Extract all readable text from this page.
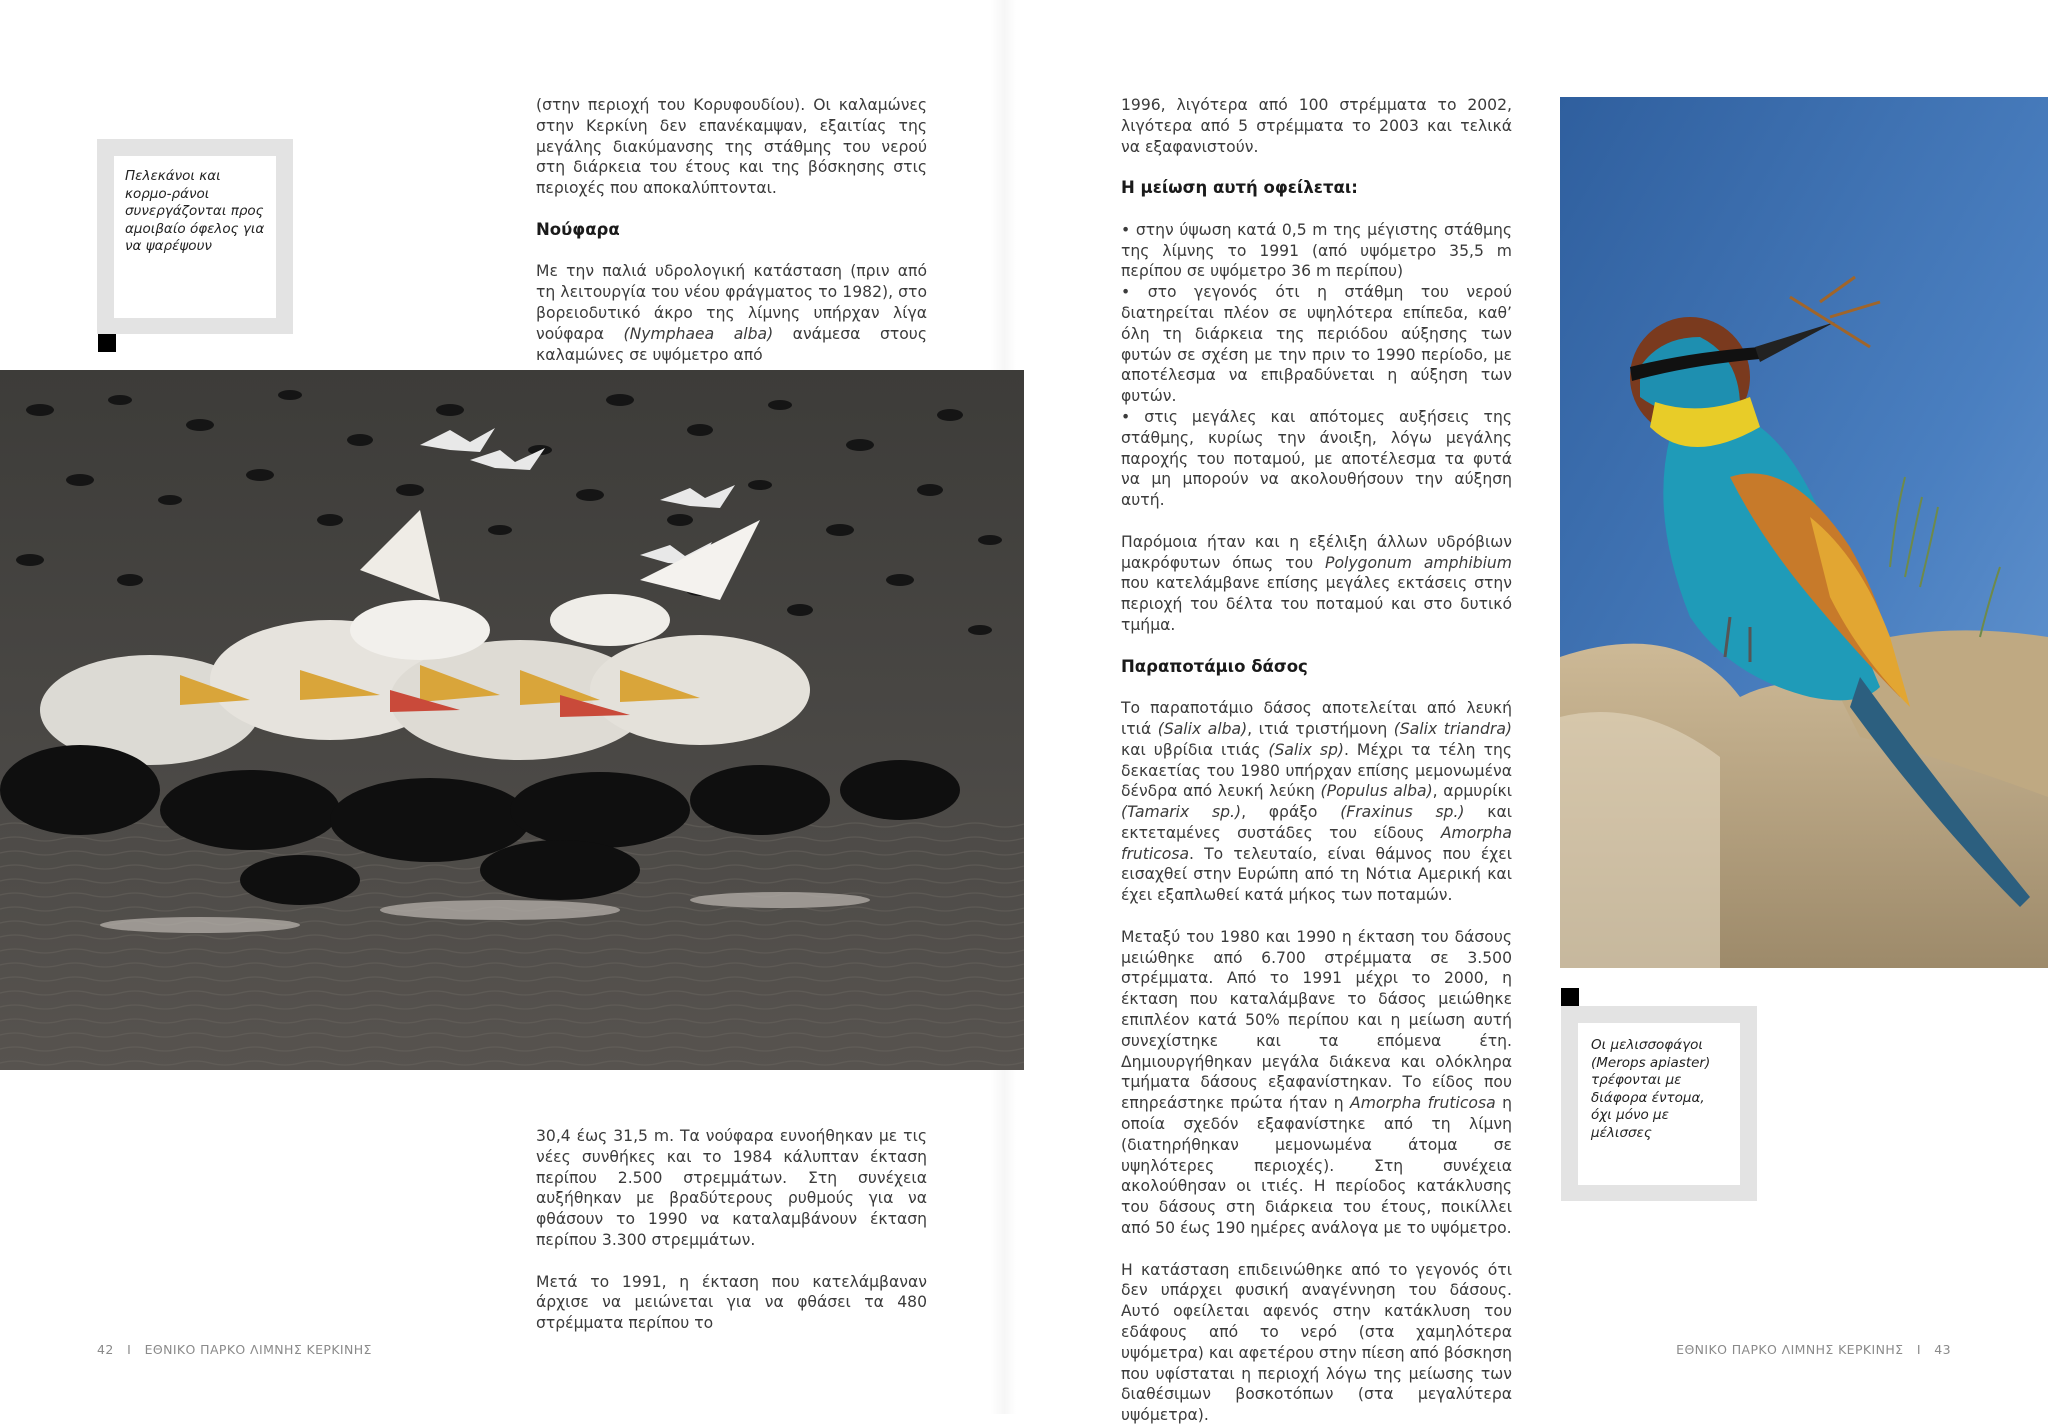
Πελεκάνοι και κορμο-ράνοι συνεργάζονται προς αμοιβαίο όφελος για να ψαρέψουν

(στην περιοχή του Κορυφουδίου). Οι καλαμώνες στην Κερκίνη δεν επανέκαμψαν, εξαιτίας της μεγάλης διακύμανσης της στάθμης του νερού στη διάρκεια του έτους και της βόσκησης στις περιοχές που αποκαλύπτονται.

Νούφαρα

Με την παλιά υδρολογική κατάσταση (πριν από τη λειτουργία του νέου φράγματος το 1982), στο βορειοδυτικό άκρο της λίμνης υπήρχαν λίγα νούφαρα (Nymphaea alba) ανάμεσα στους καλαμώνες σε υψόμετρο από

30,4 έως 31,5 m. Τα νούφαρα ευνοήθηκαν με τις νέες συνθήκες και το 1984 κάλυπταν έκταση περίπου 2.500 στρεμμάτων. Στη συνέχεια αυξήθηκαν με βραδύτερους ρυθμούς για να φθάσουν το 1990 να καταλαμβάνουν έκταση περίπου 3.300 στρεμμάτων.

Μετά το 1991, η έκταση που κατελάμβαναν άρχισε να μειώνεται για να φθάσει τα 480 στρέμματα περίπου το

42 I ΕΘΝΙΚΟ ΠΑΡΚΟ ΛΙΜΝΗΣ ΚΕΡΚΙΝΗΣ

1996, λιγότερα από 100 στρέμματα το 2002, λιγότερα από 5 στρέμματα το 2003 και τελικά να εξαφανιστούν.

Η μείωση αυτή οφείλεται:

• στην ύψωση κατά 0,5 m της μέγιστης στάθμης της λίμνης το 1991 (από υψόμετρο 35,5 m περίπου σε υψόμετρο 36 m περίπου)

• στο γεγονός ότι η στάθμη του νερού διατηρείται πλέον σε υψηλότερα επίπεδα, καθ’ όλη τη διάρκεια της περιόδου αύξησης των φυτών σε σχέση με την πριν το 1990 περίοδο, με αποτέλεσμα να επιβραδύνεται η αύξηση των φυτών.

• στις μεγάλες και απότομες αυξήσεις της στάθμης, κυρίως την άνοιξη, λόγω μεγάλης παροχής του ποταμού, με αποτέλεσμα τα φυτά να μη μπορούν να ακολουθήσουν την αύξηση αυτή.

Παρόμοια ήταν και η εξέλιξη άλλων υδρόβιων μακρόφυτων όπως του Polygonum amphibium που κατελάμβανε επίσης μεγάλες εκτάσεις στην περιοχή του δέλτα του ποταμού και στο δυτικό τμήμα.

Παραποτάμιο δάσος

Το παραποτάμιο δάσος αποτελείται από λευκή ιτιά (Salix alba), ιτιά τριστήμονη (Salix triandra) και υβρίδια ιτιάς (Salix sp). Μέχρι τα τέλη της δεκαετίας του 1980 υπήρχαν επίσης μεμονωμένα δένδρα από λευκή λεύκη (Populus alba), αρμυρίκι (Tamarix sp.), φράξο (Fraxinus sp.) και εκτεταμένες συστάδες του είδους Amorpha fruticosa. Το τελευταίο, είναι θάμνος που έχει εισαχθεί στην Ευρώπη από τη Νότια Αμερική και έχει εξαπλωθεί κατά μήκος των ποταμών.

Μεταξύ του 1980 και 1990 η έκταση του δάσους μειώθηκε από 6.700 στρέμματα σε 3.500 στρέμματα. Από το 1991 μέχρι το 2000, η έκταση που καταλάμβανε το δάσος μειώθηκε επιπλέον κατά 50% περίπου και η μείωση αυτή συνεχίστηκε και τα επόμενα έτη. Δημιουργήθηκαν μεγάλα διάκενα και ολόκληρα τμήματα δάσους εξαφανίστηκαν. Το είδος που επηρεάστηκε πρώτα ήταν η Amorpha fruticosa η οποία σχεδόν εξαφανίστηκε από τη λίμνη (διατηρήθηκαν μεμονωμένα άτομα σε υψηλότερες περιοχές). Στη συνέχεια ακολούθησαν οι ιτιές. Η περίοδος κατάκλυσης του δάσους στη διάρκεια του έτους, ποικίλλει από 50 έως 190 ημέρες ανάλογα με το υψόμετρο.

Η κατάσταση επιδεινώθηκε από το γεγονός ότι δεν υπάρχει φυσική αναγέννηση του δάσους. Αυτό οφείλεται αφενός στην κατάκλυση του εδάφους από το νερό (στα χαμηλότερα υψόμετρα) και αφετέρου στην πίεση από βόσκηση που υφίσταται η περιοχή λόγω της μείωσης των διαθέσιμων βοσκοτόπων (στα μεγαλύτερα υψόμετρα).

Οι μελισσοφάγοι (Merops apiaster) τρέφονται με διάφορα έντομα, όχι μόνο με μέλισσες
ΕΘΝΙΚΟ ΠΑΡΚΟ ΛΙΜΝΗΣ ΚΕΡΚΙΝΗΣ I 43
